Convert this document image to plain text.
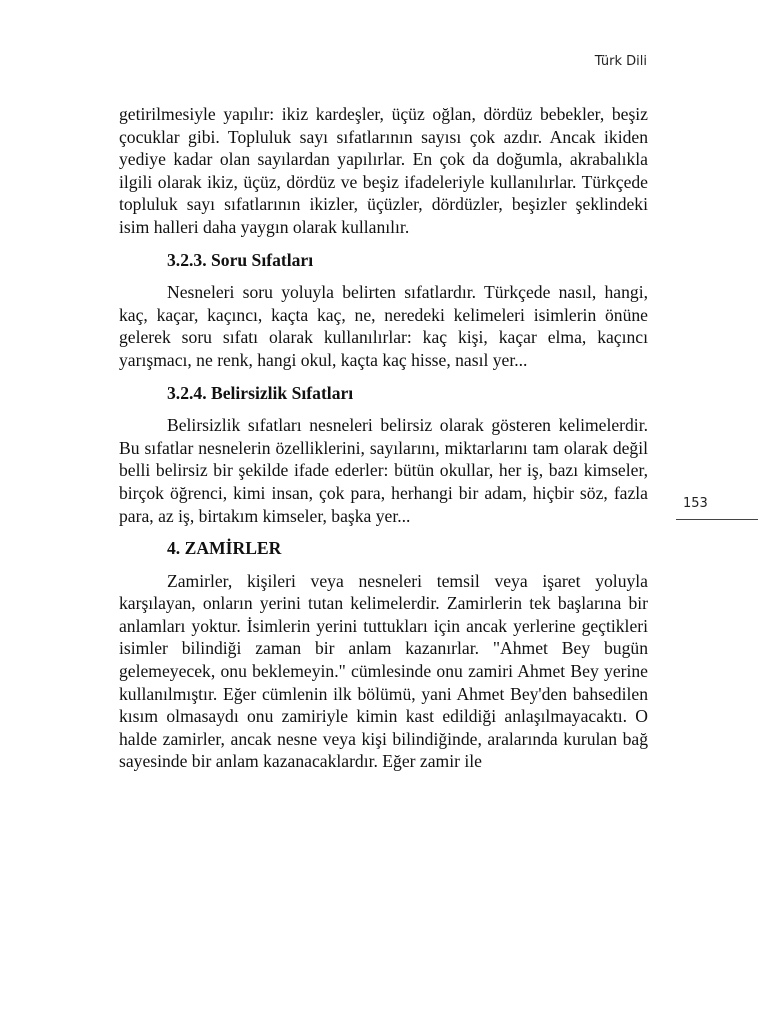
Türk Dili

getirilmesiyle yapılır: ikiz kardeşler, üçüz oğlan, dördüz bebekler, beşiz çocuklar gibi. Topluluk sayı sıfatlarının sayısı çok azdır. Ancak ikiden yediye kadar olan sayılardan yapılırlar. En çok da doğumla, akrabalıkla ilgili olarak ikiz, üçüz, dördüz ve beşiz ifadeleriyle kullanılırlar. Türkçede topluluk sayı sıfatlarının ikizler, üçüzler, dördüzler, beşizler şeklindeki isim halleri daha yaygın olarak kullanılır.

3.2.3. Soru Sıfatları

Nesneleri soru yoluyla belirten sıfatlardır. Türkçede nasıl, hangi, kaç, kaçar, kaçıncı, kaçta kaç, ne, neredeki kelimeleri isimlerin önüne gelerek soru sıfatı olarak kullanılırlar: kaç kişi, kaçar elma, kaçıncı yarışmacı, ne renk, hangi okul, kaçta kaç hisse, nasıl yer...

3.2.4. Belirsizlik Sıfatları

Belirsizlik sıfatları nesneleri belirsiz olarak gösteren kelimelerdir. Bu sıfatlar nesnelerin özelliklerini, sayılarını, miktarlarını tam olarak değil belli belirsiz bir şekilde ifade ederler: bütün okullar, her iş, bazı kimseler, birçok öğrenci, kimi insan, çok para, herhangi bir adam, hiçbir söz, fazla para, az iş, birtakım kimseler, başka yer...

4. ZAMİRLER

Zamirler, kişileri veya nesneleri temsil veya işaret yoluyla karşılayan, onların yerini tutan kelimelerdir. Zamirlerin tek başlarına bir anlamları yoktur. İsimlerin yerini tuttukları için ancak yerlerine geçtikleri isimler bilindiği zaman bir anlam kazanırlar. "Ahmet Bey bugün gelemeyecek, onu beklemeyin." cümlesinde onu zamiri Ahmet Bey yerine kullanılmıştır. Eğer cümlenin ilk bölümü, yani Ahmet Bey'den bahsedilen kısım olmasaydı onu zamiriyle kimin kast edildiği anlaşılmayacaktı. O halde zamirler, ancak nesne veya kişi bilindiğinde, aralarında kurulan bağ sayesinde bir anlam kazanacaklardır. Eğer zamir ile

153
